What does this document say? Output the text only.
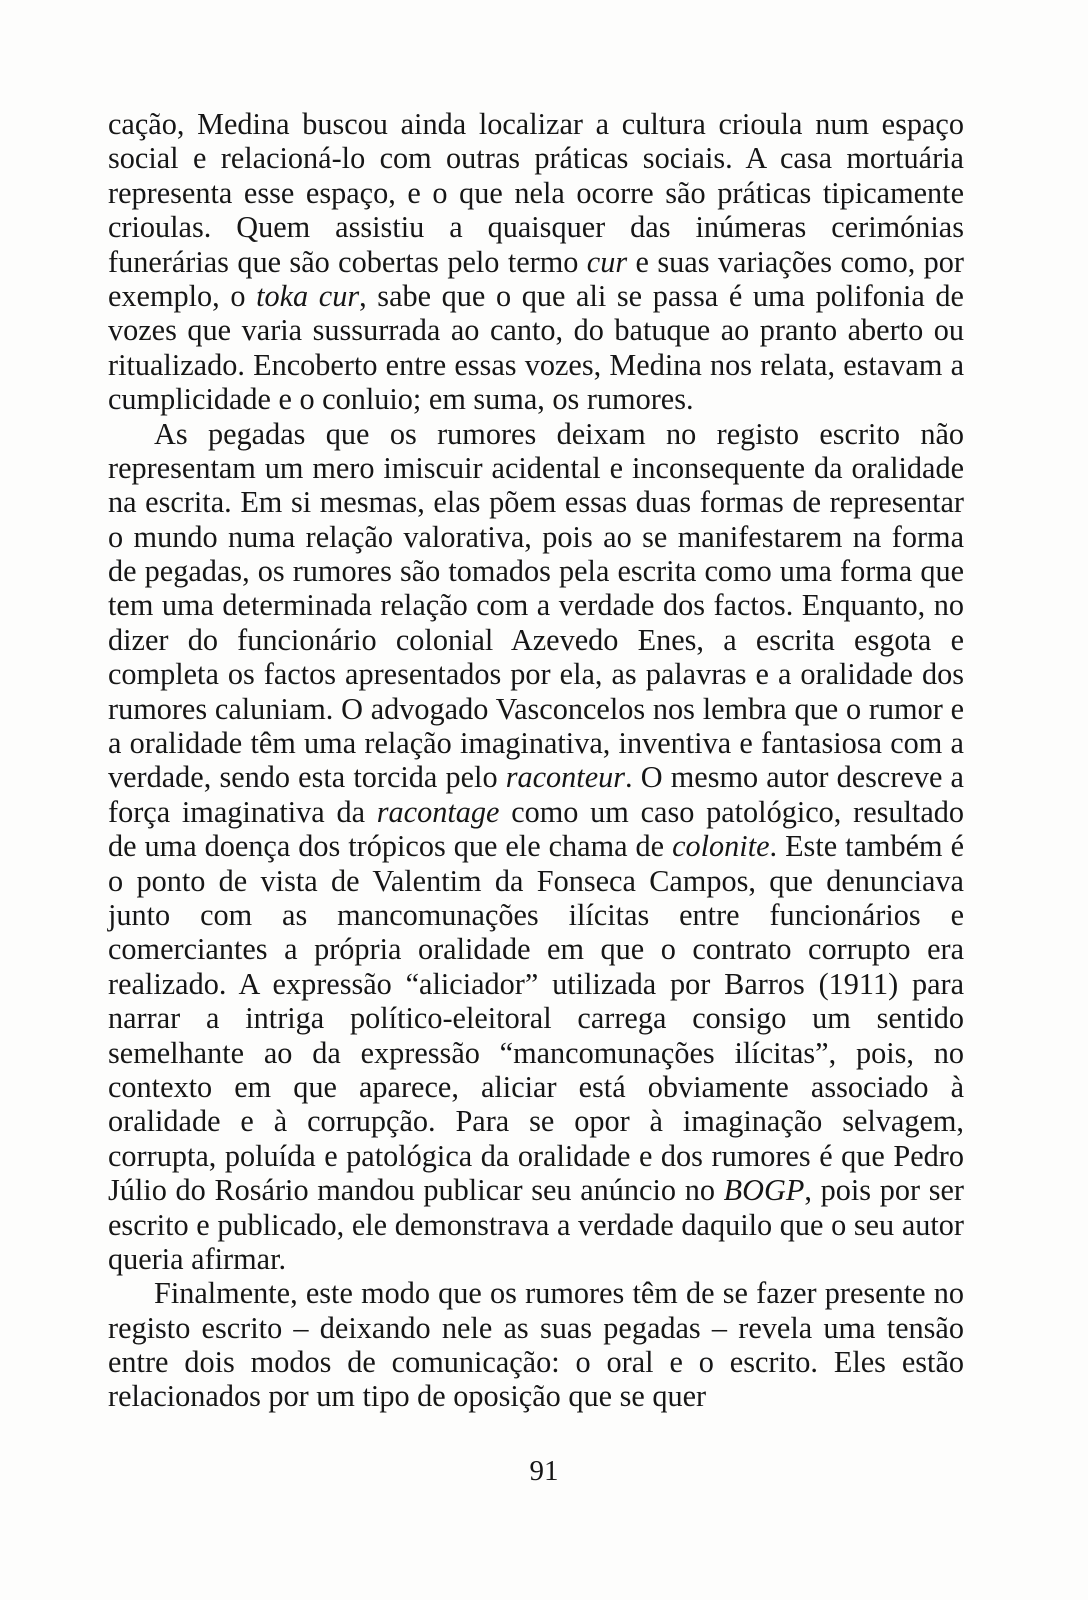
cação, Medina buscou ainda localizar a cultura crioula num espaço social e relacioná-lo com outras práticas sociais. A casa mortuária representa esse espaço, e o que nela ocorre são práticas tipicamente crioulas. Quem assistiu a quaisquer das inúmeras cerimónias funerárias que são cobertas pelo termo cur e suas variações como, por exemplo, o toka cur, sabe que o que ali se passa é uma polifonia de vozes que varia sussurrada ao canto, do batuque ao pranto aberto ou ritualizado. Encoberto entre essas vozes, Medina nos relata, estavam a cumplicidade e o conluio; em suma, os rumores.

As pegadas que os rumores deixam no registo escrito não representam um mero imiscuir acidental e inconsequente da oralidade na escrita. Em si mesmas, elas põem essas duas formas de representar o mundo numa relação valorativa, pois ao se manifestarem na forma de pegadas, os rumores são tomados pela escrita como uma forma que tem uma determinada relação com a verdade dos factos. Enquanto, no dizer do funcionário colonial Azevedo Enes, a escrita esgota e completa os factos apresentados por ela, as palavras e a oralidade dos rumores caluniam. O advogado Vasconcelos nos lembra que o rumor e a oralidade têm uma relação imaginativa, inventiva e fantasiosa com a verdade, sendo esta torcida pelo raconteur. O mesmo autor descreve a força imaginativa da racontage como um caso patológico, resultado de uma doença dos trópicos que ele chama de colonite. Este também é o ponto de vista de Valentim da Fonseca Campos, que denunciava junto com as mancomunações ilícitas entre funcionários e comerciantes a própria oralidade em que o contrato corrupto era realizado. A expressão “aliciador” utilizada por Barros (1911) para narrar a intriga político-eleitoral carrega consigo um sentido semelhante ao da expressão “mancomunações ilícitas”, pois, no contexto em que aparece, aliciar está obviamente associado à oralidade e à corrupção. Para se opor à imaginação selvagem, corrupta, poluída e patológica da oralidade e dos rumores é que Pedro Júlio do Rosário mandou publicar seu anúncio no BOGP, pois por ser escrito e publicado, ele demonstrava a verdade daquilo que o seu autor queria afirmar.

Finalmente, este modo que os rumores têm de se fazer presente no registo escrito – deixando nele as suas pegadas – revela uma tensão entre dois modos de comunicação: o oral e o escrito. Eles estão relacionados por um tipo de oposição que se quer

91
